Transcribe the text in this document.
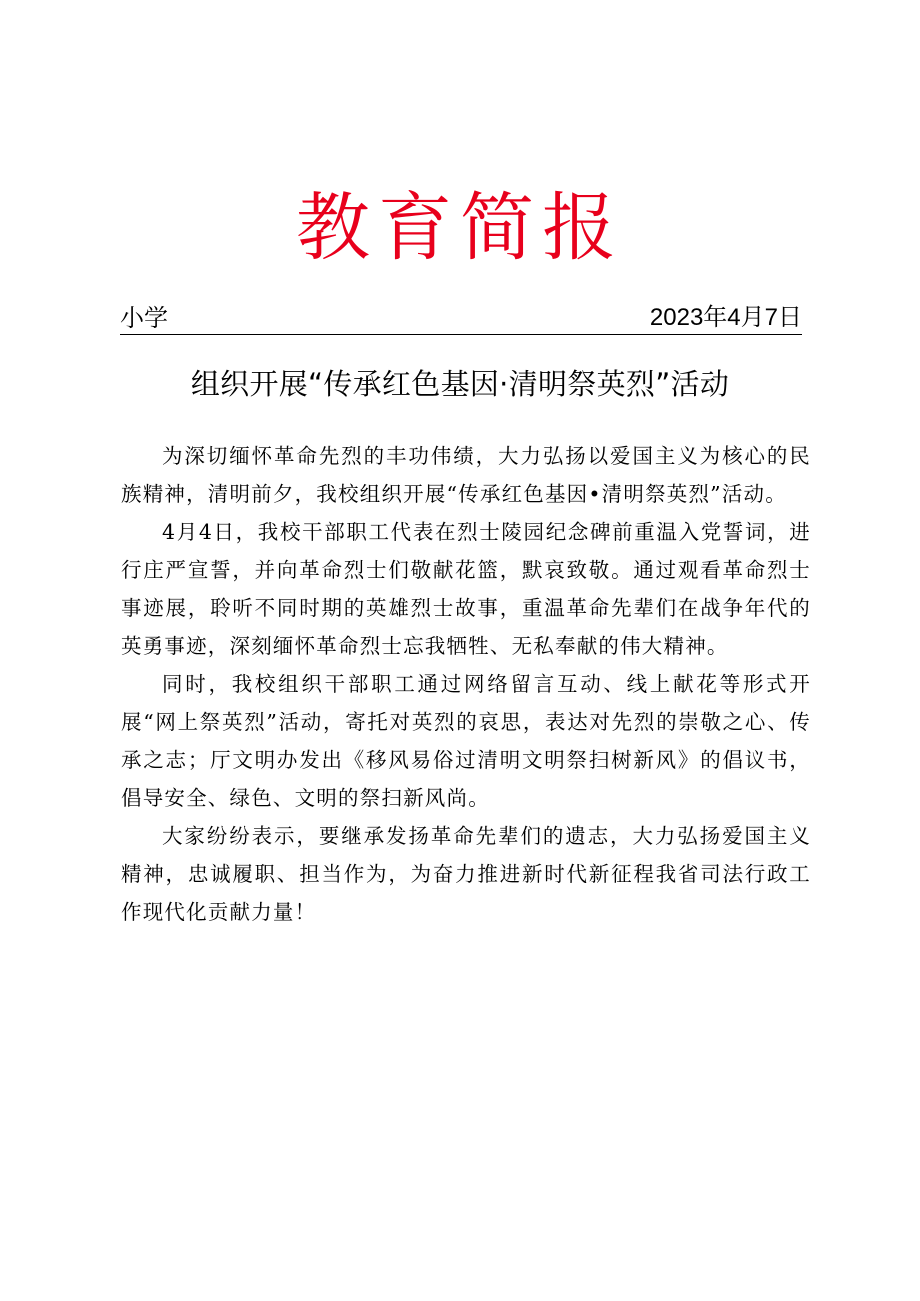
教育简报
小学	2023年4月7日
组织开展“传承红色基因·清明祭英烈”活动

为深切缅怀革命先烈的丰功伟绩，大力弘扬以爱国主义为核心的民族精神，清明前夕，我校组织开展“传承红色基因•清明祭英烈”活动。

4月4日，我校干部职工代表在烈士陵园纪念碑前重温入党誓词，进行庄严宣誓，并向革命烈士们敬献花篮，默哀致敬。通过观看革命烈士事迹展，聆听不同时期的英雄烈士故事，重温革命先辈们在战争年代的英勇事迹，深刻缅怀革命烈士忘我牺牲、无私奉献的伟大精神。

同时，我校组织干部职工通过网络留言互动、线上献花等形式开展“网上祭英烈”活动，寄托对英烈的哀思，表达对先烈的崇敬之心、传承之志；厅文明办发出《移风易俗过清明文明祭扫树新风》的倡议书，倡导安全、绿色、文明的祭扫新风尚。

大家纷纷表示，要继承发扬革命先辈们的遗志，大力弘扬爱国主义精神，忠诚履职、担当作为，为奋力推进新时代新征程我省司法行政工作现代化贡献力量！
